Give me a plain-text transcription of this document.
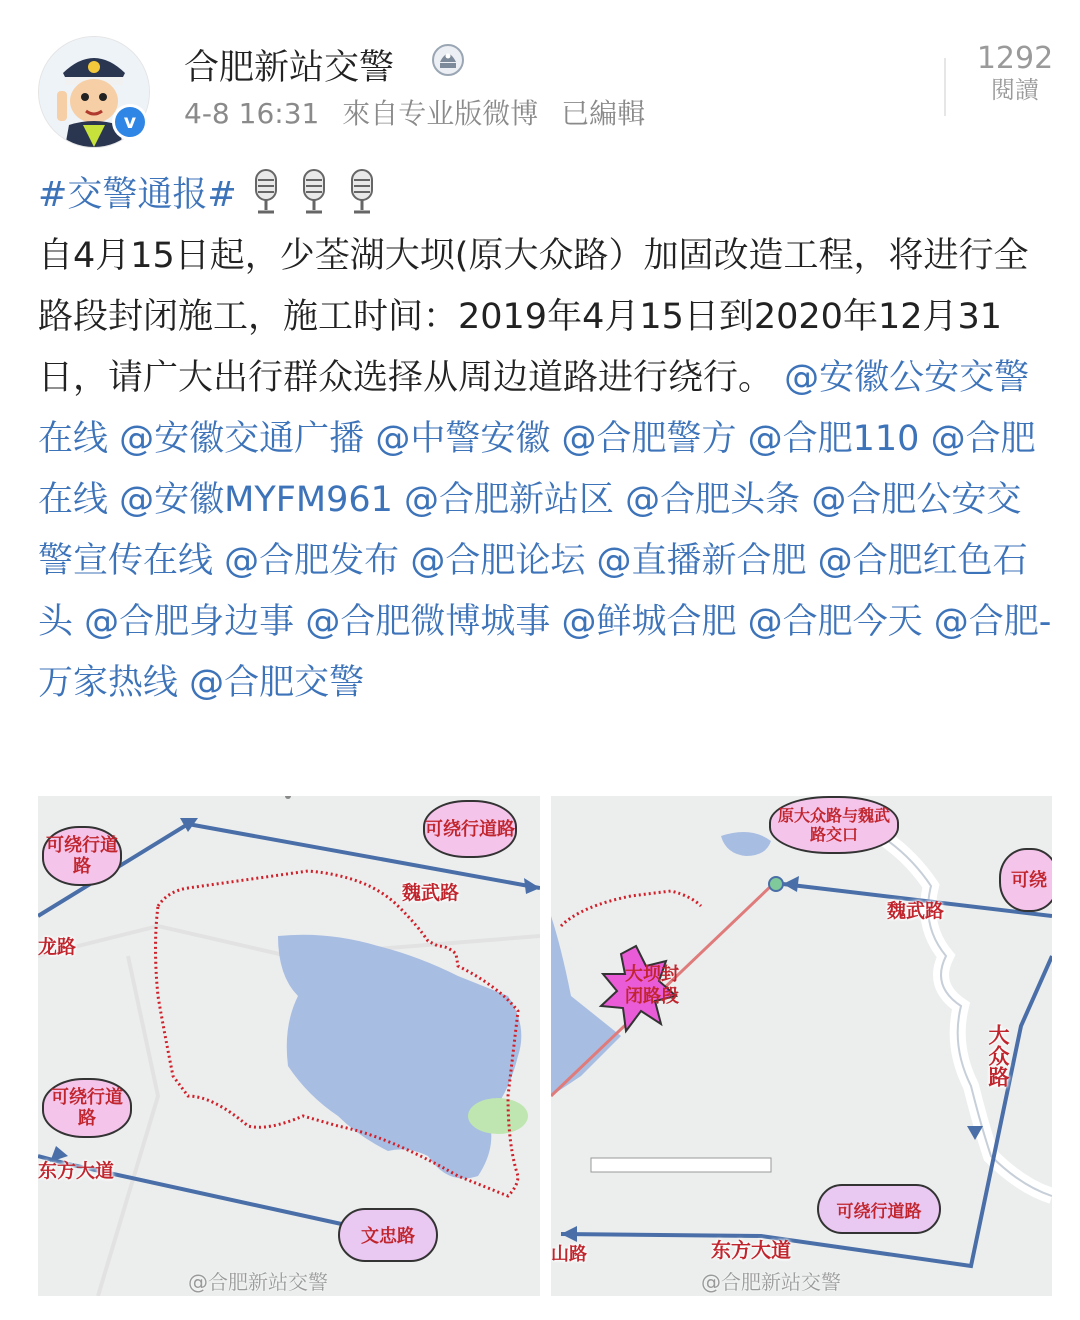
v
合肥新站交警
4-8 16:31 來自专业版微博 已編輯
1292
閱讀
#交警通报#
自4月15日起，少荃湖大坝(原大众路）加固改造工程，将进行全路段封闭施工，施工时间：2019年4月15日到2020年12月31日，请广大出行群众选择从周边道路进行绕行。 @安徽公安交警在线 @安徽交通广播 @中警安徽 @合肥警方 @合肥110 @合肥在线 @安徽MYFM961 @合肥新站区 @合肥头条 @合肥公安交警宣传在线 @合肥发布 @合肥论坛 @直播新合肥 @合肥红色石头 @合肥身边事 @合肥微博城事 @鲜城合肥 @合肥今天 @合肥-万家热线 @合肥交警
可绕行道路
可绕行道路
可绕行道路
魏武路
龙路
东方大道
文忠路
@合肥新站交警
原大众路与魏武路交口
大坝封闭路段
魏武路
大众路
可绕
可绕行道路
东方大道
山路
@合肥新站交警
